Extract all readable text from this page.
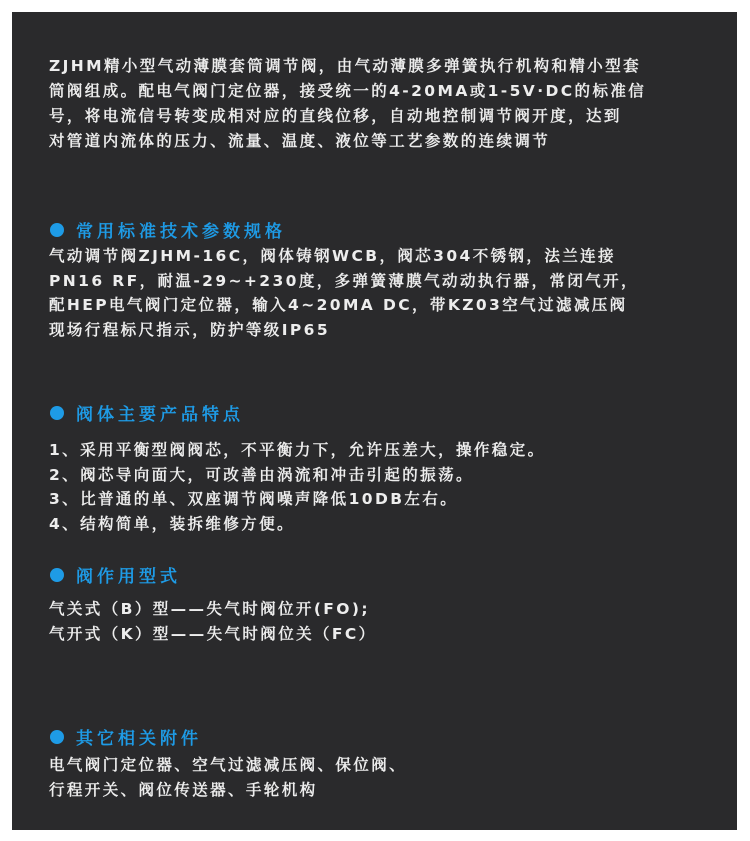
ZJHM精小型气动薄膜套筒调节阀，由气动薄膜多弹簧执行机构和精小型套
筒阀组成。配电气阀门定位器，接受统一的4-20MA或1-5V·DC的标准信
号，将电流信号转变成相对应的直线位移，自动地控制调节阀开度，达到
对管道内流体的压力、流量、温度、液位等工艺参数的连续调节
常用标准技术参数规格
气动调节阀ZJHM-16C，阀体铸钢WCB，阀芯304不锈钢，法兰连接
PN16 RF，耐温-29~+230度，多弹簧薄膜气动动执行器，常闭气开，
配HEP电气阀门定位器，输入4~20MA DC，带KZ03空气过滤减压阀
现场行程标尺指示，防护等级IP65
阀体主要产品特点
1、采用平衡型阀阀芯，不平衡力下，允许压差大，操作稳定。
2、阀芯导向面大，可改善由涡流和冲击引起的振荡。
3、比普通的单、双座调节阀噪声降低10DB左右。
4、结构简单，装拆维修方便。
阀作用型式
气关式（B）型——失气时阀位开(FO);
气开式（K）型——失气时阀位关（FC）
其它相关附件
电气阀门定位器、空气过滤减压阀、保位阀、
行程开关、阀位传送器、手轮机构
